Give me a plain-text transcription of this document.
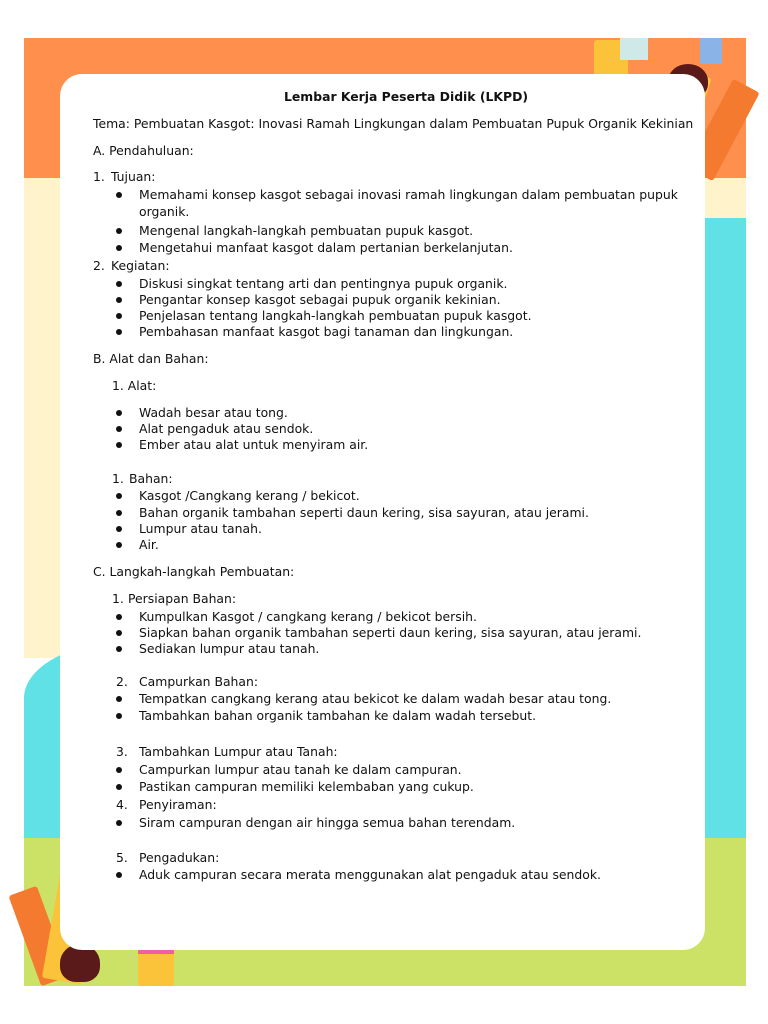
Lembar Kerja Peserta Didik (LKPD)
Tema: Pembuatan Kasgot: Inovasi Ramah Lingkungan dalam Pembuatan Pupuk Organik Kekinian
A. Pendahuluan:
1. Tujuan:
Memahami konsep kasgot sebagai inovasi ramah lingkungan dalam pembuatan pupuk
organik.
Mengenal langkah-langkah pembuatan pupuk kasgot.
Mengetahui manfaat kasgot dalam pertanian berkelanjutan.
2. Kegiatan:
Diskusi singkat tentang arti dan pentingnya pupuk organik.
Pengantar konsep kasgot sebagai pupuk organik kekinian.
Penjelasan tentang langkah-langkah pembuatan pupuk kasgot.
Pembahasan manfaat kasgot bagi tanaman dan lingkungan.
B. Alat dan Bahan:
1. Alat:
Wadah besar atau tong.
Alat pengaduk atau sendok.
Ember atau alat untuk menyiram air.
1. Bahan:
Kasgot /Cangkang kerang / bekicot.
Bahan organik tambahan seperti daun kering, sisa sayuran, atau jerami.
Lumpur atau tanah.
Air.
C. Langkah-langkah Pembuatan:
1. Persiapan Bahan:
Kumpulkan Kasgot / cangkang kerang / bekicot bersih.
Siapkan bahan organik tambahan seperti daun kering, sisa sayuran, atau jerami.
Sediakan lumpur atau tanah.
2. Campurkan Bahan:
Tempatkan cangkang kerang atau bekicot ke dalam wadah besar atau tong.
Tambahkan bahan organik tambahan ke dalam wadah tersebut.
3. Tambahkan Lumpur atau Tanah:
Campurkan lumpur atau tanah ke dalam campuran.
Pastikan campuran memiliki kelembaban yang cukup.
4. Penyiraman:
Siram campuran dengan air hingga semua bahan terendam.
5. Pengadukan:
Aduk campuran secara merata menggunakan alat pengaduk atau sendok.
